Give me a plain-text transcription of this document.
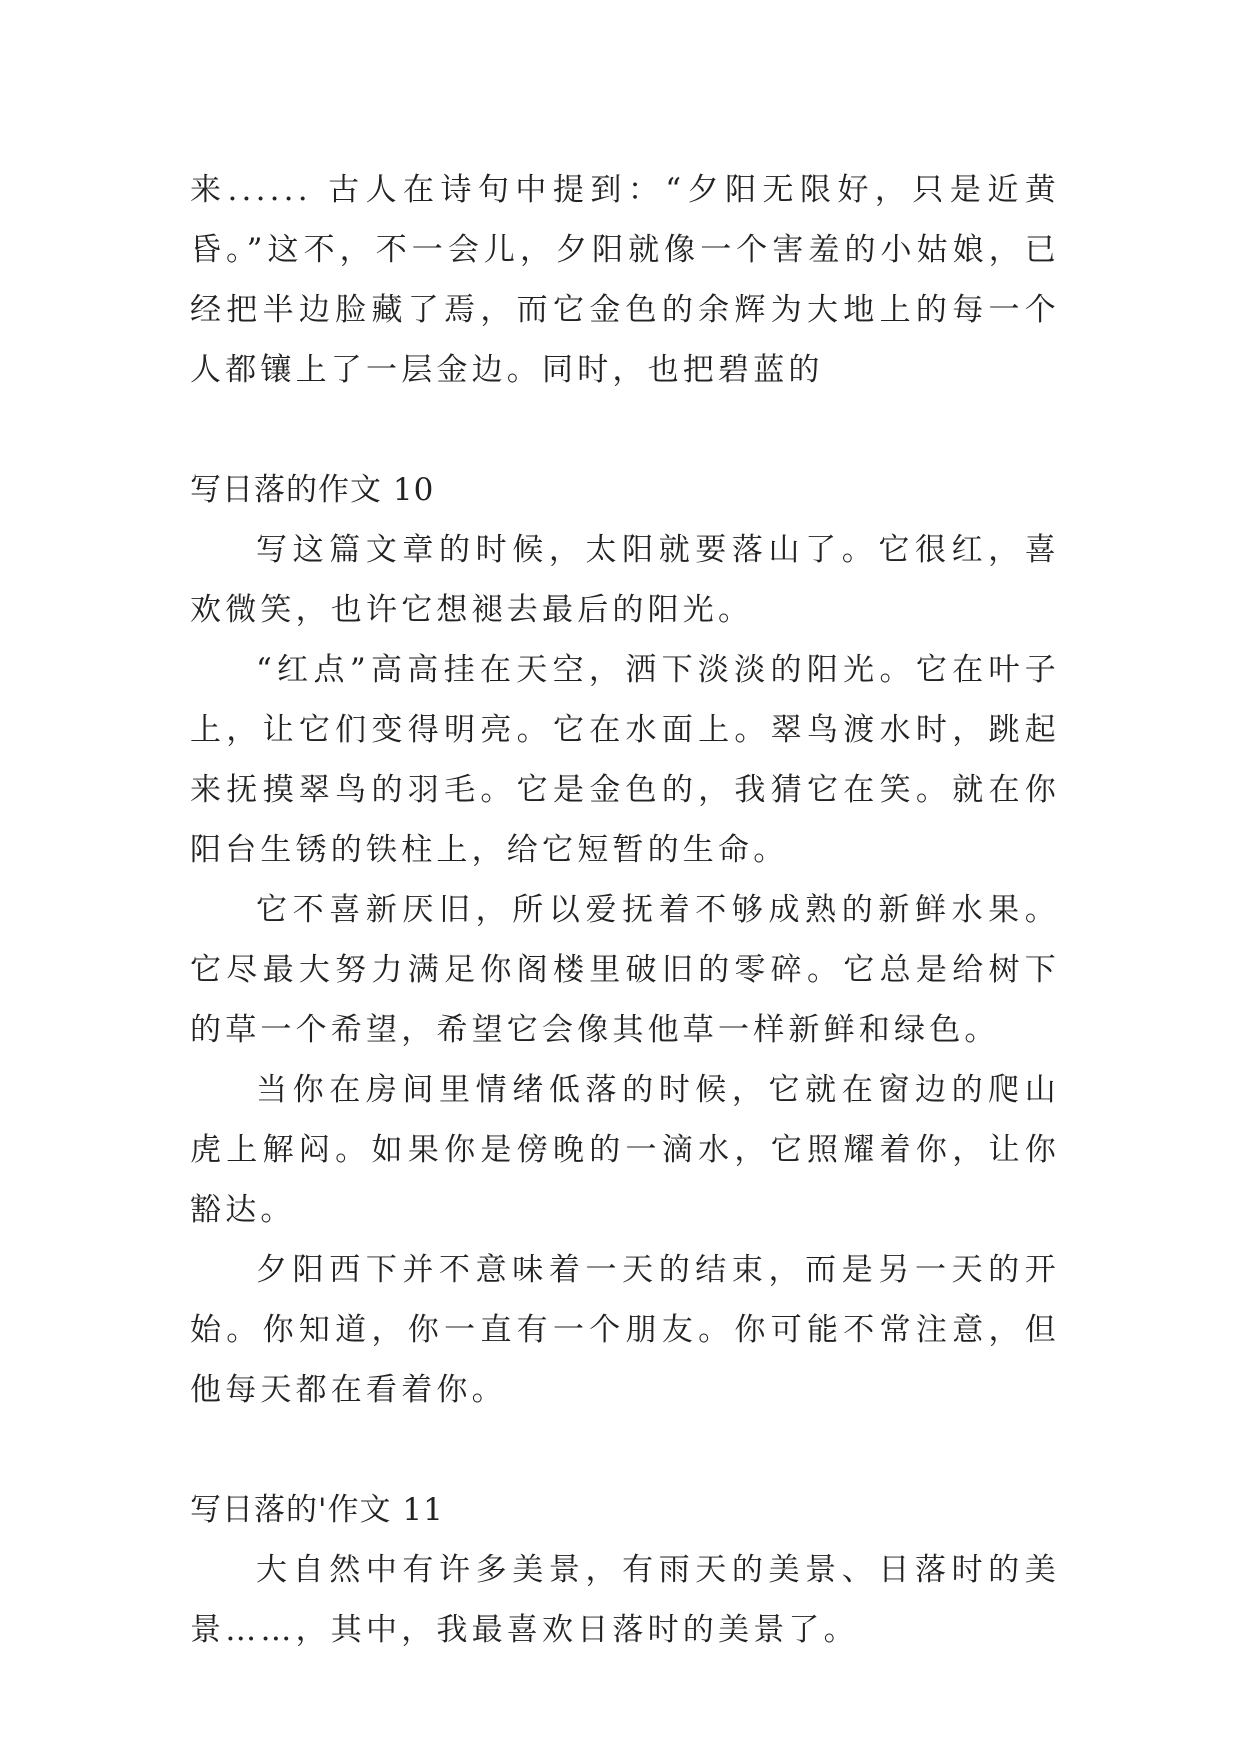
来...... 古人在诗句中提到：“夕阳无限好，只是近黄昏。”这不，不一会儿，夕阳就像一个害羞的小姑娘，已经把半边脸藏了焉，而它金色的余辉为大地上的每一个人都镶上了一层金边。同时，也把碧蓝的

写日落的作文 10

写这篇文章的时候，太阳就要落山了。它很红，喜欢微笑，也许它想褪去最后的阳光。

“红点”高高挂在天空，洒下淡淡的阳光。它在叶子上，让它们变得明亮。它在水面上。翠鸟渡水时，跳起来抚摸翠鸟的羽毛。它是金色的，我猜它在笑。就在你阳台生锈的铁柱上，给它短暂的生命。

它不喜新厌旧，所以爱抚着不够成熟的新鲜水果。它尽最大努力满足你阁楼里破旧的零碎。它总是给树下的草一个希望，希望它会像其他草一样新鲜和绿色。

当你在房间里情绪低落的时候，它就在窗边的爬山虎上解闷。如果你是傍晚的一滴水，它照耀着你，让你豁达。

夕阳西下并不意味着一天的结束，而是另一天的开始。你知道，你一直有一个朋友。你可能不常注意，但他每天都在看着你。

写日落的'作文 11

大自然中有许多美景，有雨天的美景、日落时的美景……，其中，我最喜欢日落时的美景了。
